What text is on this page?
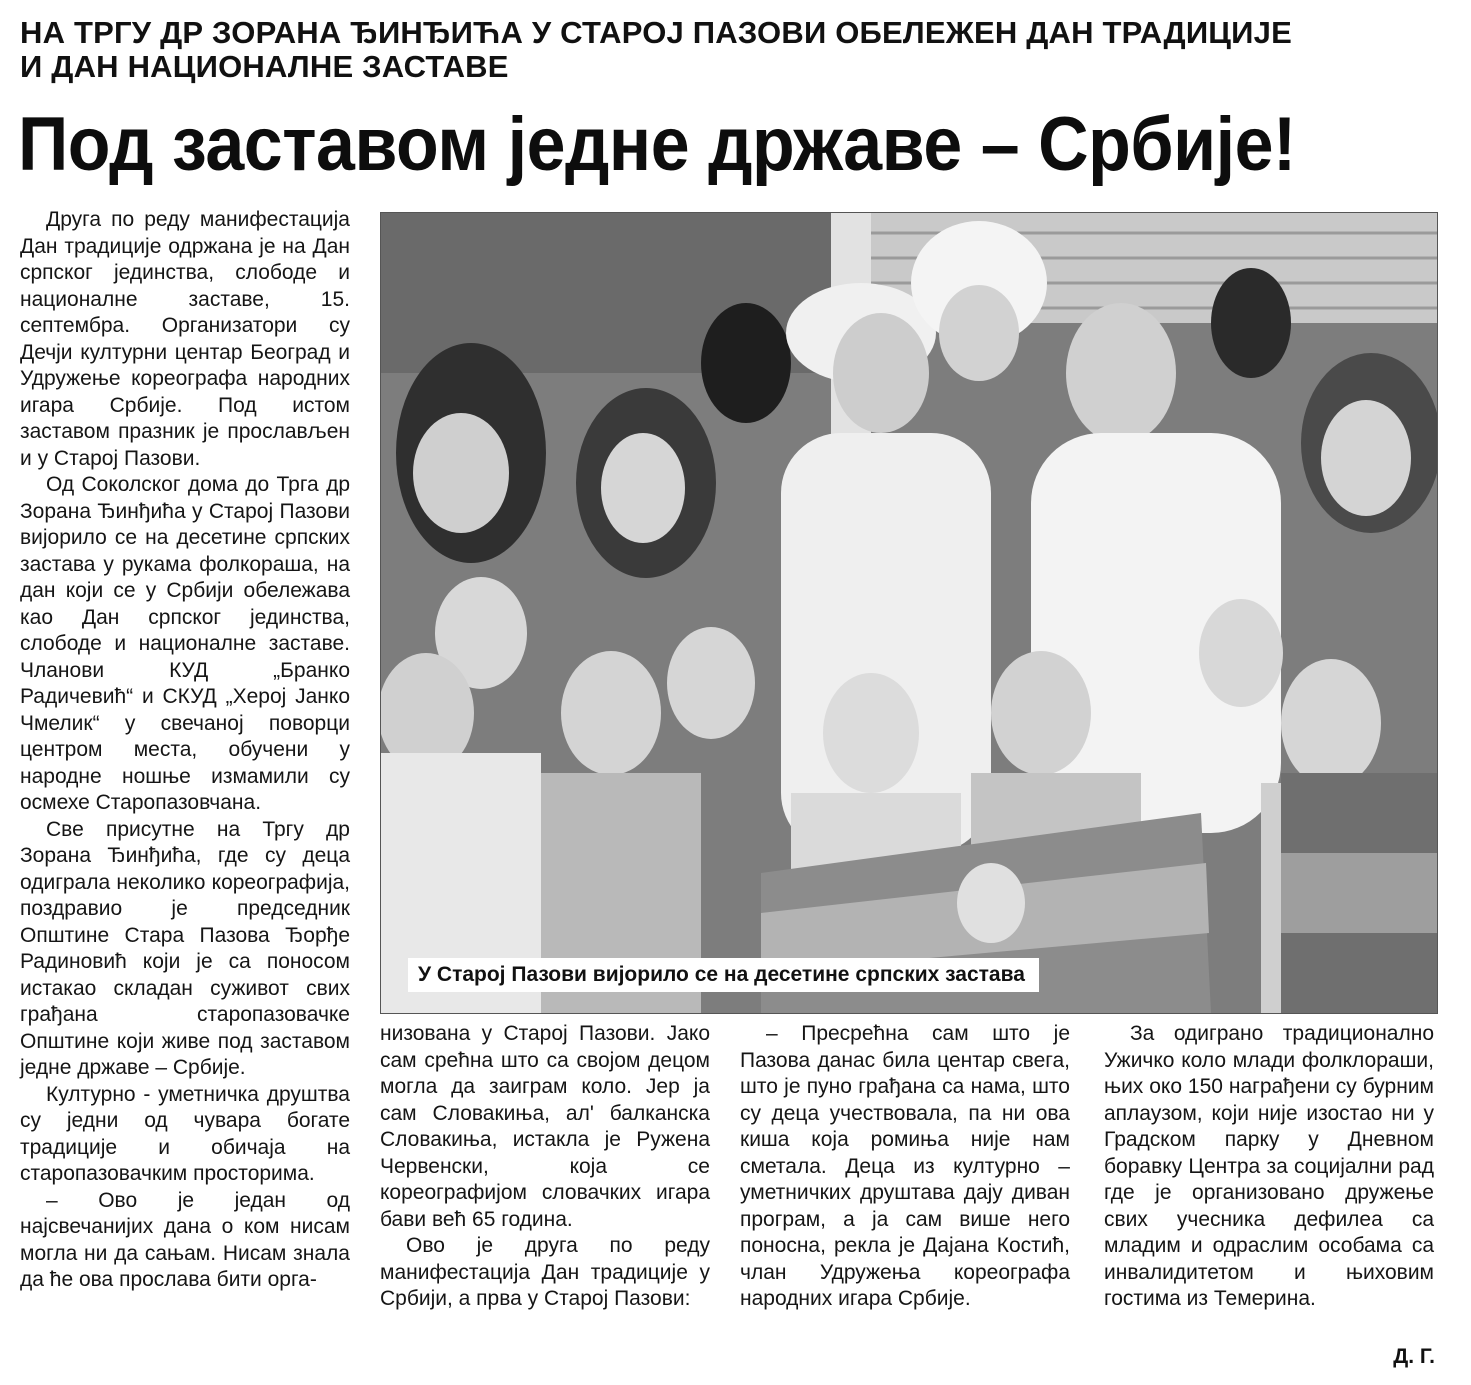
НА ТРГУ ДР ЗОРАНА ЂИНЂИЋА У СТАРОЈ ПАЗОВИ ОБЕЛЕЖЕН ДАН ТРАДИЦИЈЕ
И ДАН НАЦИОНАЛНЕ ЗАСТАВЕ
Под заставом једне државе – Србије!

Друга по реду манифестација Дан традиције одржана је на Дан српског јединства, слободе и националне заставе, 15. септембра. Организатори су Дечји културни центар Београд и Удружење кореографа народних игара Србије. Под истом заставом празник је прослављен и у Старој Пазови.

Од Соколског дома до Трга др Зорана Ђинђића у Старој Пазови вијорило се на десетине српских застава у рукама фолкораша, на дан који се у Србији обележава као Дан српског јединства, слободе и националне заставе. Чланови КУД „Бранко Радичевић“ и СКУД „Херој Јанко Чмелик“ у свечаној поворци центром места, обучени у народне ношње измамили су осмехе Старопазовчана.

Све присутне на Тргу др Зорана Ђинђића, где су деца одиграла неколико кореографија, поздравио је председник Општине Стара Пазова Ђорђе Радиновић који је са поносом истакао складан суживот свих грађана старопазовачке Општине који живе под заставом једне државе – Србије.

Културно - уметничка друштва су једни од чувара богате традиције и обичаја на старопазовачким просторима.

– Ово је један од најсвечанијих дана о ком нисам могла ни да сањам. Нисам знала да ће ова прослава бити орга-

У Старој Пазови вијорило се на десетине српских застава

низована у Старој Пазови. Јако сам срећна што са својом децом могла да заиграм коло. Јер ја сам Словакиња, ал' балканска Словакиња, истакла је Ружена Червенски, која се кореографијом словачких игара бави већ 65 година.

Ово је друга по реду манифестација Дан традиције у Србији, а прва у Старој Пазови:

– Пресрећна сам што је Пазова данас била центар свега, што је пуно грађана са нама, што су деца учествовала, па ни ова киша која ромиња није нам сметала. Деца из културно – уметничких друштава дају диван програм, а ја сам више него поносна, рекла је Дајана Костић, члан Удружења кореографа народних игара Србије.

За одиграно традиционално Ужичко коло млади фолклораши, њих око 150 награђени су бурним аплаузом, који није изостао ни у Градском парку у Дневном боравку Центра за социјални рад где је организовано дружење свих учесника дефилеа са младим и одраслим особама са инвалидитетом и њиховим гостима из Темерина.

Д. Г.
